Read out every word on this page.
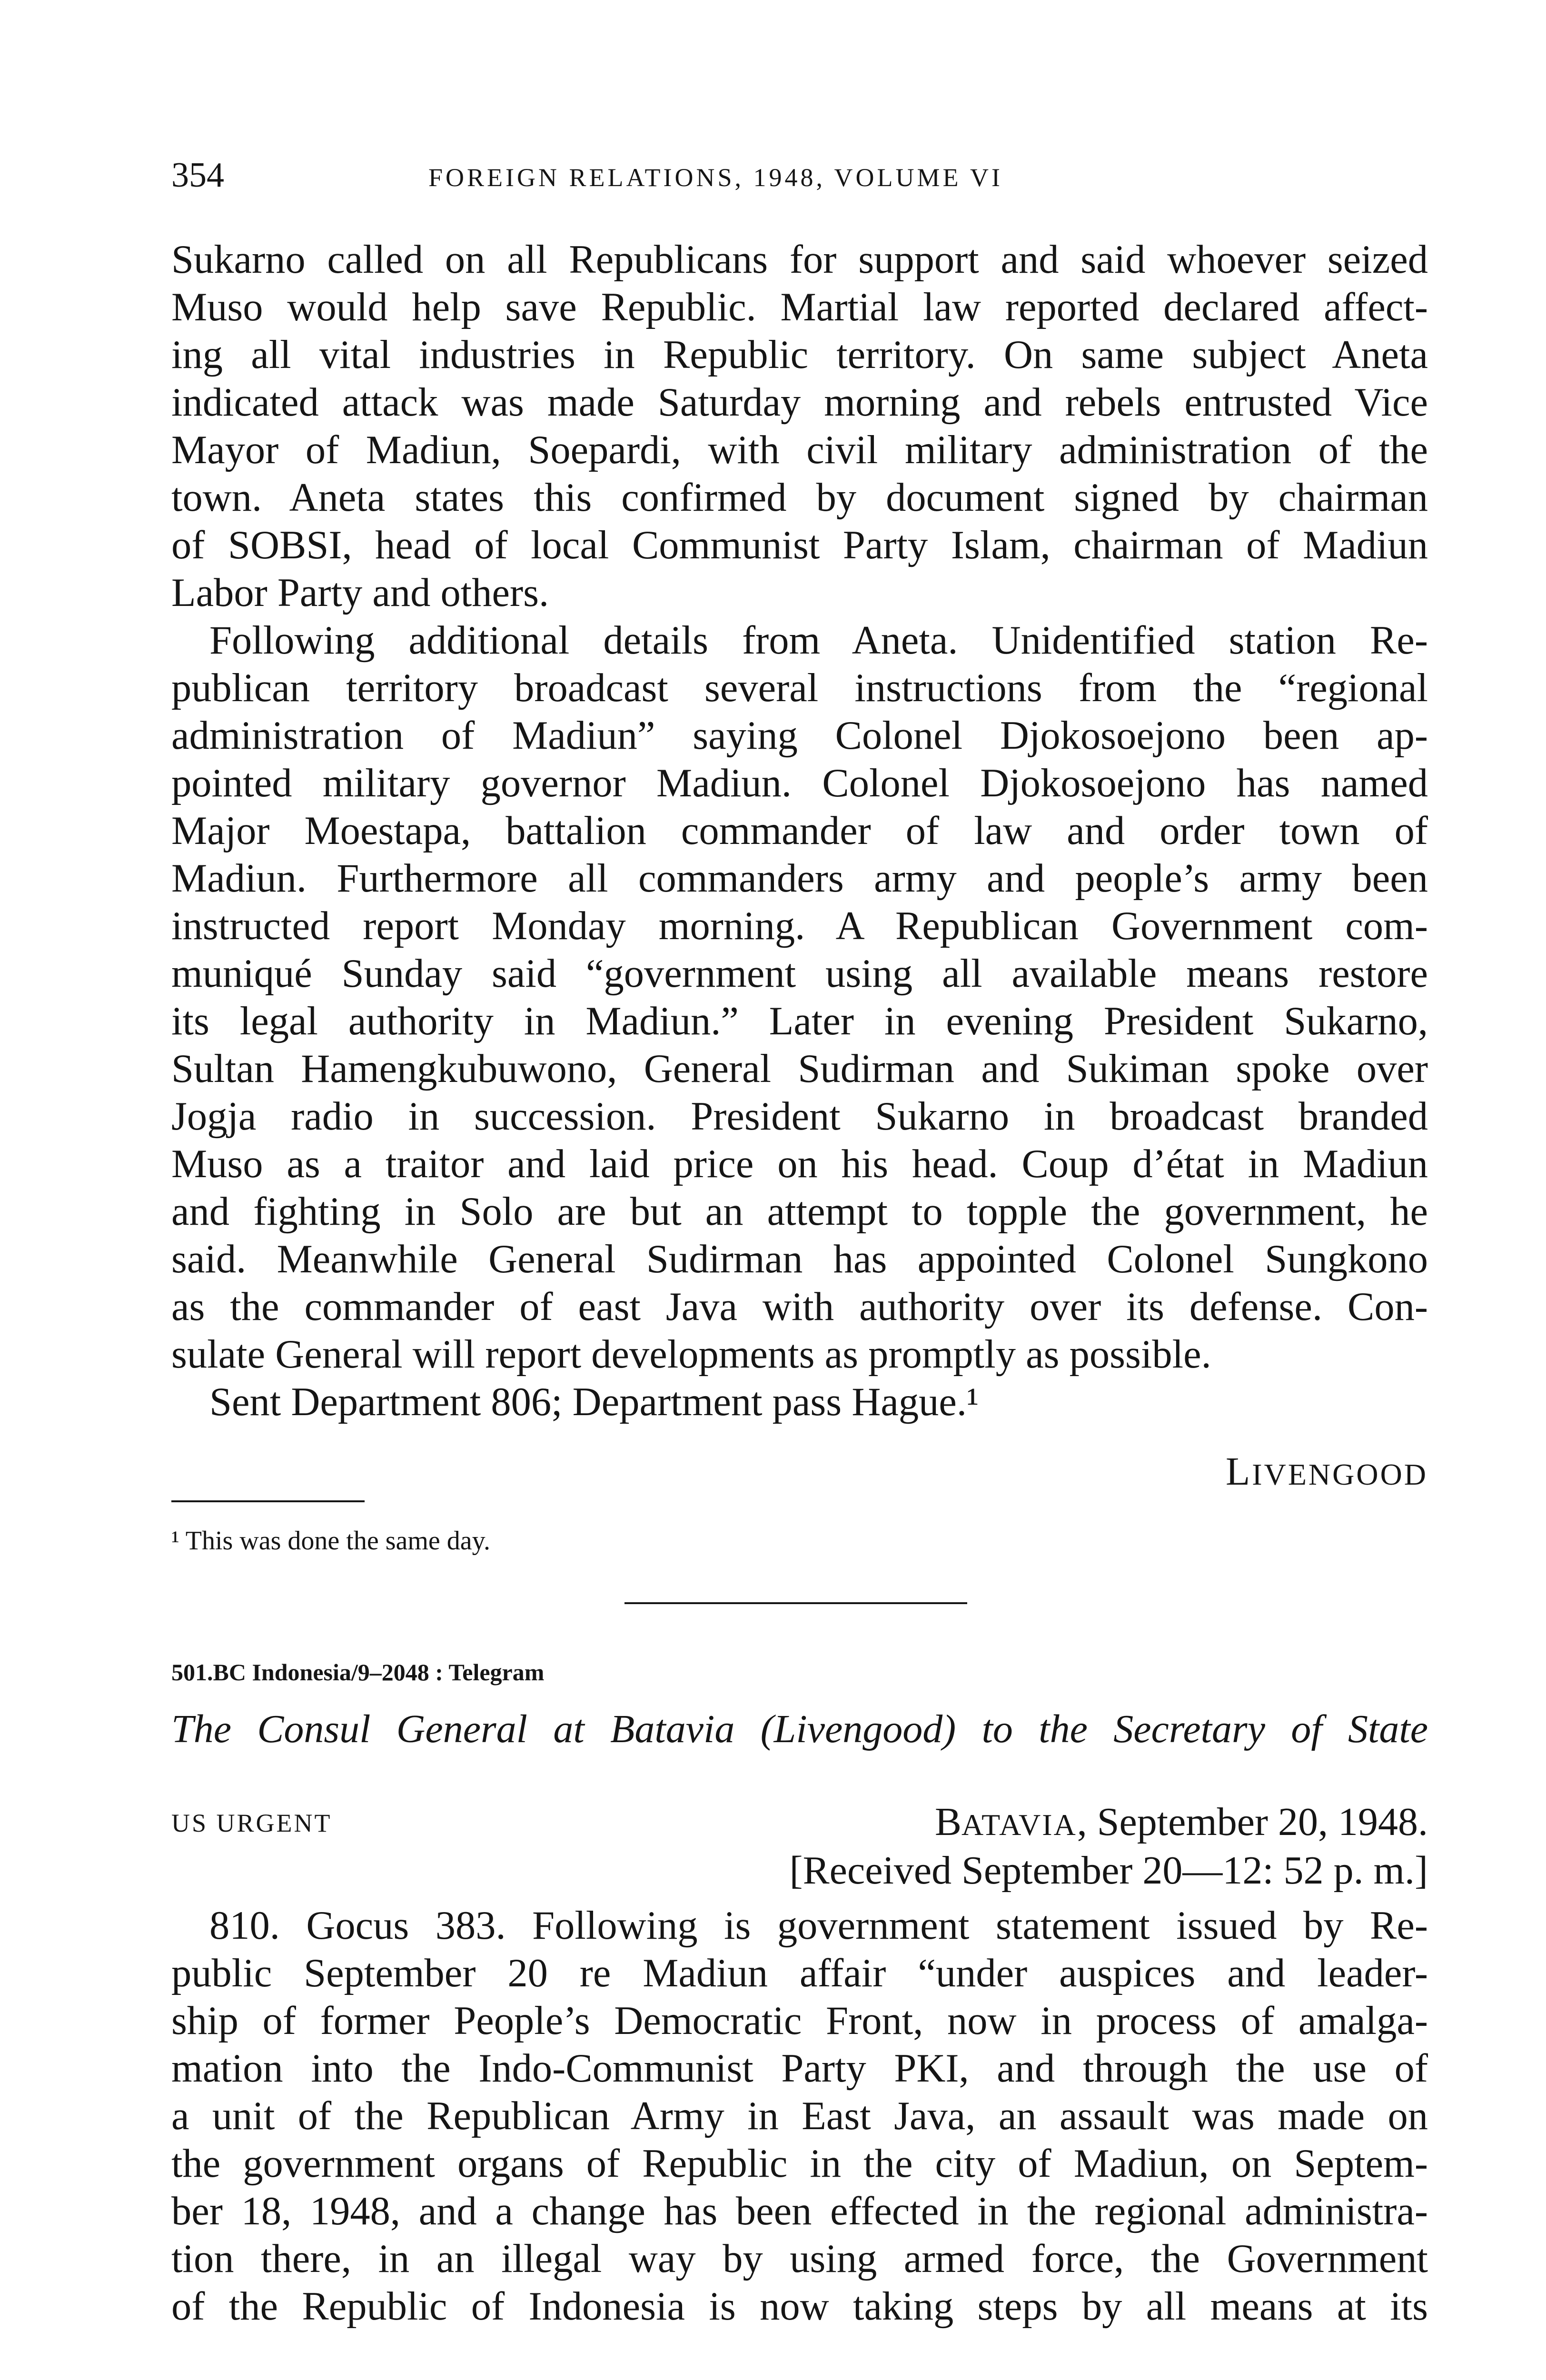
354	FOREIGN RELATIONS, 1948, VOLUME VI
Sukarno called on all Republicans for support and said whoever seized
Muso would help save Republic. Martial law reported declared affect-
ing all vital industries in Republic territory. On same subject Aneta
indicated attack was made Saturday morning and rebels entrusted Vice
Mayor of Madiun, Soepardi, with civil military administration of the
town. Aneta states this confirmed by document signed by chairman
of SOBSI, head of local Communist Party Islam, chairman of Madiun
Labor Party and others.
Following additional details from Aneta. Unidentified station Re-
publican territory broadcast several instructions from the “regional
administration of Madiun” saying Colonel Djokosoejono been ap-
pointed military governor Madiun. Colonel Djokosoejono has named
Major Moestapa, battalion commander of law and order town of
Madiun. Furthermore all commanders army and people’s army been
instructed report Monday morning. A Republican Government com-
muniqué Sunday said “government using all available means restore
its legal authority in Madiun.” Later in evening President Sukarno,
Sultan Hamengkubuwono, General Sudirman and Sukiman spoke over
Jogja radio in succession. President Sukarno in broadcast branded
Muso as a traitor and laid price on his head. Coup d’état in Madiun
and fighting in Solo are but an attempt to topple the government, he
said. Meanwhile General Sudirman has appointed Colonel Sungkono
as the commander of east Java with authority over its defense. Con-
sulate General will report developments as promptly as possible.
Sent Department 806; Department pass Hague.¹
LIVENGOOD
¹ This was done the same day.
501.BC Indonesia/9–2048 : Telegram
The Consul General at Batavia (Livengood) to the Secretary of State
US URGENT	BATAVIA, September 20, 1948.
[Received September 20—12: 52 p. m.]
810. Gocus 383. Following is government statement issued by Re-
public September 20 re Madiun affair “under auspices and leader-
ship of former People’s Democratic Front, now in process of amalga-
mation into the Indo-Communist Party PKI, and through the use of
a unit of the Republican Army in East Java, an assault was made on
the government organs of Republic in the city of Madiun, on Septem-
ber 18, 1948, and a change has been effected in the regional administra-
tion there, in an illegal way by using armed force, the Government
of the Republic of Indonesia is now taking steps by all means at its
